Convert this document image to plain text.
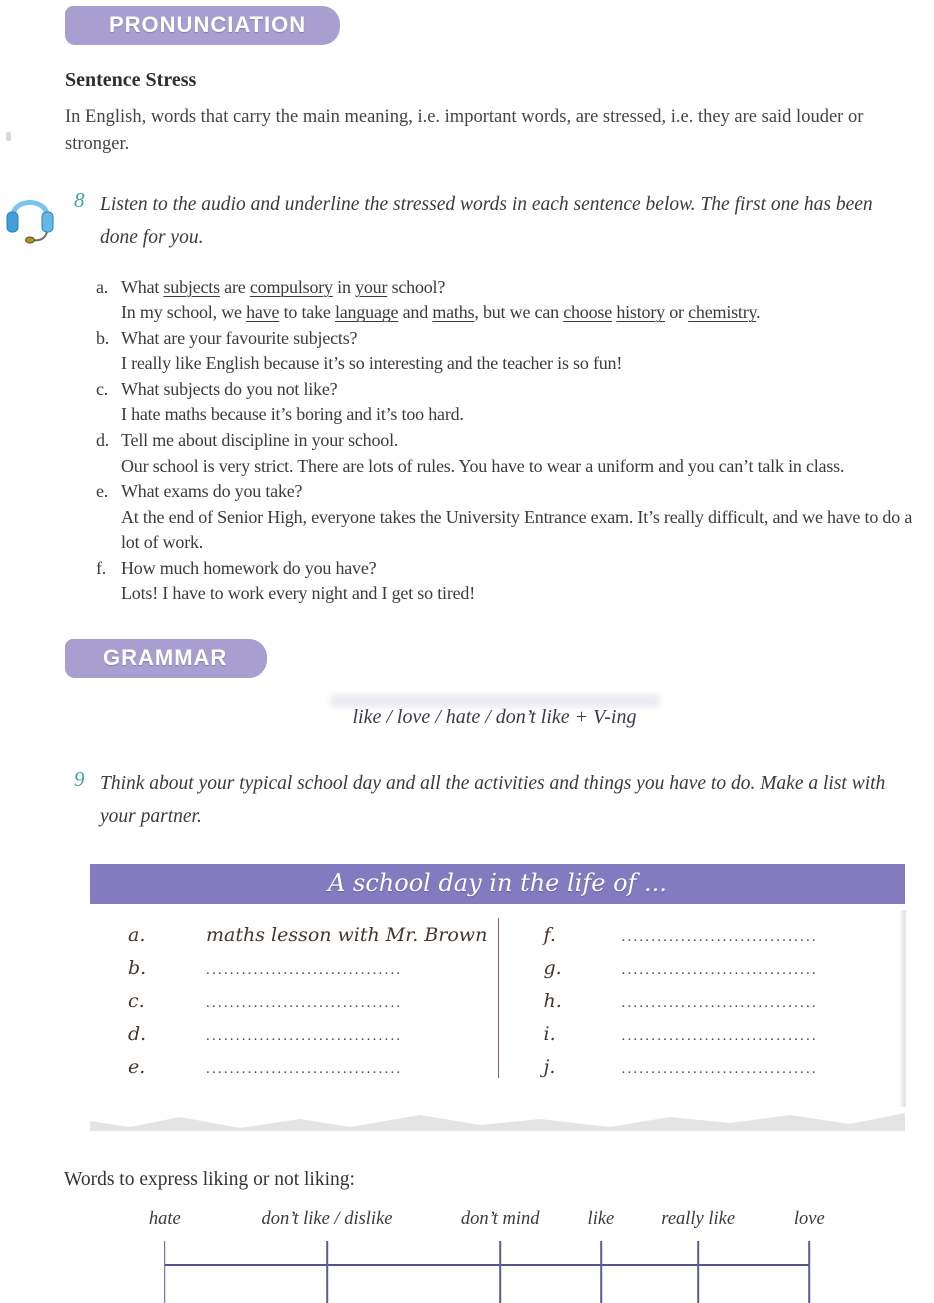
PRONUNCIATION
Sentence Stress
In English, words that carry the main meaning, i.e. important words, are stressed, i.e. they are said louder or stronger.
8 Listen to the audio and underline the stressed words in each sentence below. The first one has been done for you.
a. What subjects are compulsory in your school?
In my school, we have to take language and maths, but we can choose history or chemistry.
b. What are your favourite subjects?
I really like English because it’s so interesting and the teacher is so fun!
c. What subjects do you not like?
I hate maths because it’s boring and it’s too hard.
d. Tell me about discipline in your school.
Our school is very strict. There are lots of rules. You have to wear a uniform and you can’t talk in class.
e. What exams do you take?
At the end of Senior High, everyone takes the University Entrance exam. It’s really difficult, and we have to do a lot of work.
f. How much homework do you have?
Lots! I have to work every night and I get so tired!
GRAMMAR
like / love / hate / don’t like + V-ing
9 Think about your typical school day and all the activities and things you have to do. Make a list with your partner.
A school day in the life of ...
a.	maths lesson with Mr. Brown
b.	.................................
c.	.................................
d.	.................................
e.	.................................
f.	.................................
g.	.................................
h.	.................................
i.	.................................
j.	.................................
Words to express liking or not liking:
hate	don’t like / dislike	don’t mind	like	really like	love
